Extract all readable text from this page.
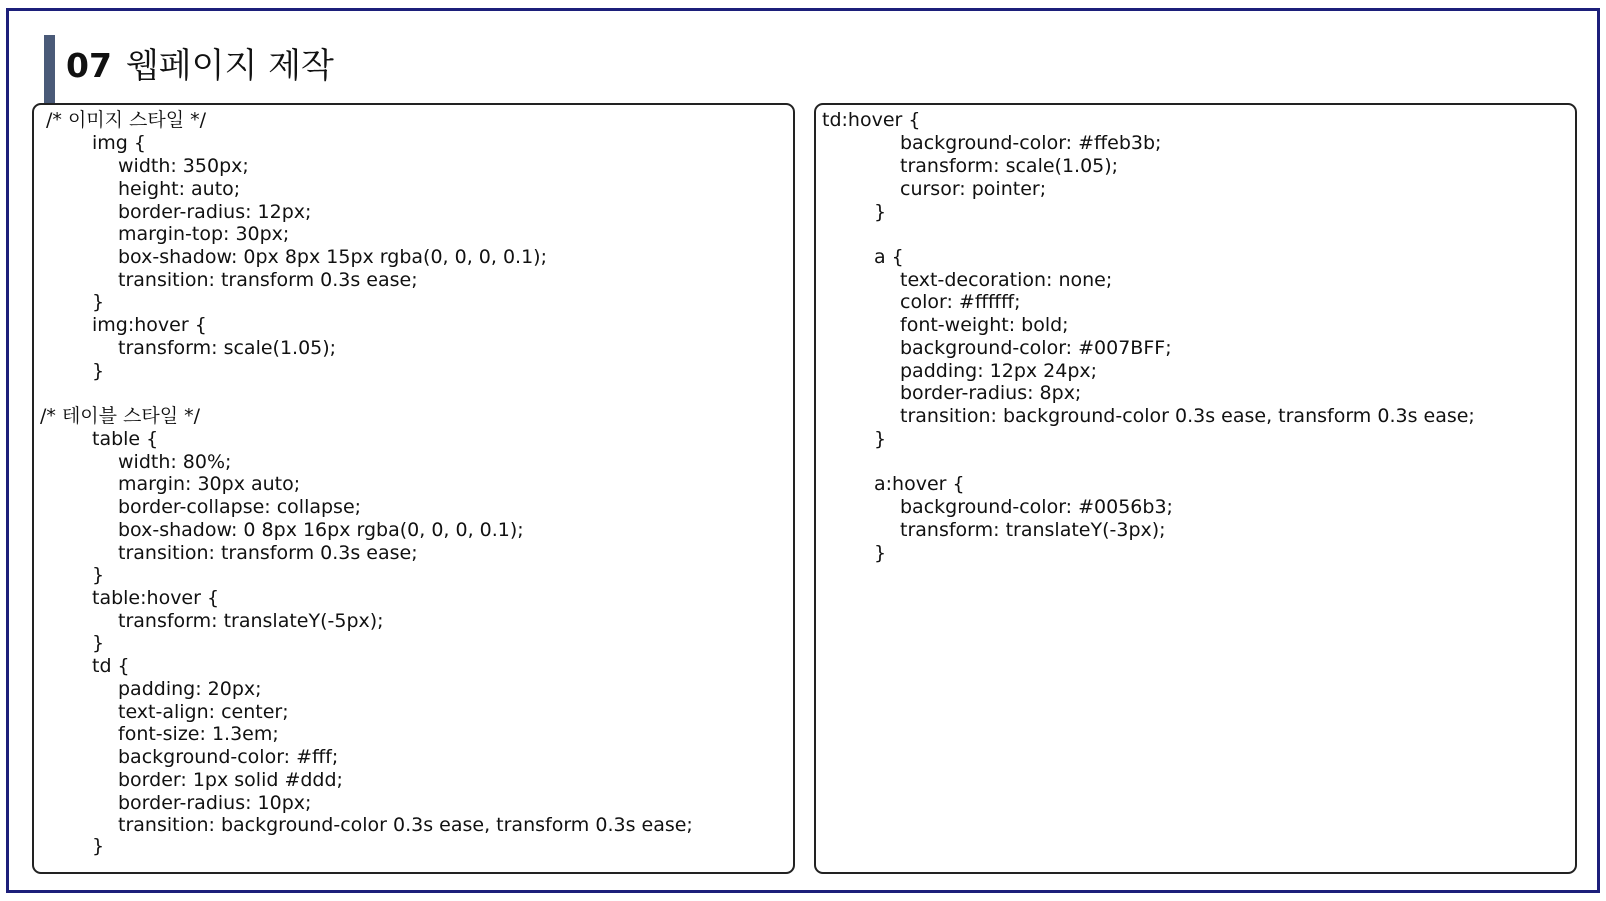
07 웹페이지 제작
/* 이미지 스타일 */
img {
width: 350px;
height: auto;
border-radius: 12px;
margin-top: 30px;
box-shadow: 0px 8px 15px rgba(0, 0, 0, 0.1);
transition: transform 0.3s ease;
}
img:hover {
transform: scale(1.05);
}
/* 테이블 스타일 */
table {
width: 80%;
margin: 30px auto;
border-collapse: collapse;
box-shadow: 0 8px 16px rgba(0, 0, 0, 0.1);
transition: transform 0.3s ease;
}
table:hover {
transform: translateY(-5px);
}
td {
padding: 20px;
text-align: center;
font-size: 1.3em;
background-color: #fff;
border: 1px solid #ddd;
border-radius: 10px;
transition: background-color 0.3s ease, transform 0.3s ease;
}
td:hover {
background-color: #ffeb3b;
transform: scale(1.05);
cursor: pointer;
}
a {
text-decoration: none;
color: #ffffff;
font-weight: bold;
background-color: #007BFF;
padding: 12px 24px;
border-radius: 8px;
transition: background-color 0.3s ease, transform 0.3s ease;
}
a:hover {
background-color: #0056b3;
transform: translateY(-3px);
}
